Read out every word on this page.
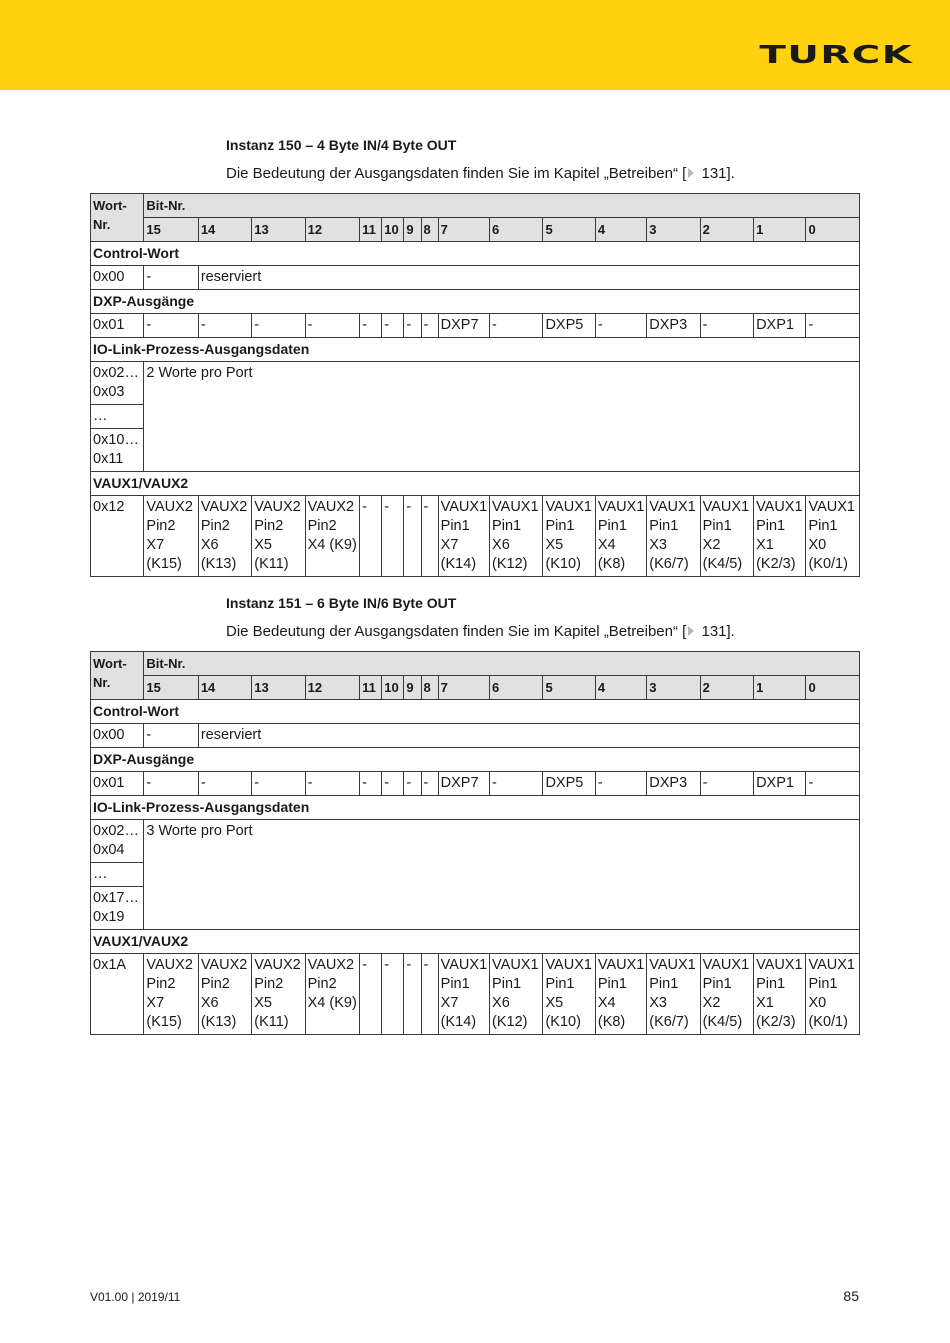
TURCK
Instanz 150 – 4 Byte IN/4 Byte OUT
Die Bedeutung der Ausgangsdaten finden Sie im Kapitel „Betreiben“ [ 131].
Wort- Nr.	Bit-Nr.															
	15	14	13	12	11	10	9	8	7	6	5	4	3	2	1	0
Control-Wort																
0x00	-	reserviert														
DXP-Ausgänge																
0x01	-	-	-	-	-	-	-	-	DXP7	-	DXP5	-	DXP3	-	DXP1	-
IO-Link-Prozess-Ausgangsdaten																
0x02… 0x03	2 Worte pro Port															
…																
0x10… 0x11																
VAUX1/VAUX2																
0x12	VAUX2 Pin2 X7 (K15)	VAUX2 Pin2 X6 (K13)	VAUX2 Pin2 X5 (K11)	VAUX2 Pin2 X4 (K9)	-	-	-	-	VAUX1 Pin1 X7 (K14)	VAUX1 Pin1 X6 (K12)	VAUX1 Pin1 X5 (K10)	VAUX1 Pin1 X4 (K8)	VAUX1 Pin1 X3 (K6/7)	VAUX1 Pin1 X2 (K4/5)	VAUX1 Pin1 X1 (K2/3)	VAUX1 Pin1 X0 (K0/1)
Instanz 151 – 6 Byte IN/6 Byte OUT
Die Bedeutung der Ausgangsdaten finden Sie im Kapitel „Betreiben“ [ 131].
Wort- Nr.	Bit-Nr.															
	15	14	13	12	11	10	9	8	7	6	5	4	3	2	1	0
Control-Wort																
0x00	-	reserviert														
DXP-Ausgänge																
0x01	-	-	-	-	-	-	-	-	DXP7	-	DXP5	-	DXP3	-	DXP1	-
IO-Link-Prozess-Ausgangsdaten																
0x02… 0x04	3 Worte pro Port															
…																
0x17… 0x19																
VAUX1/VAUX2																
0x1A	VAUX2 Pin2 X7 (K15)	VAUX2 Pin2 X6 (K13)	VAUX2 Pin2 X5 (K11)	VAUX2 Pin2 X4 (K9)	-	-	-	-	VAUX1 Pin1 X7 (K14)	VAUX1 Pin1 X6 (K12)	VAUX1 Pin1 X5 (K10)	VAUX1 Pin1 X4 (K8)	VAUX1 Pin1 X3 (K6/7)	VAUX1 Pin1 X2 (K4/5)	VAUX1 Pin1 X1 (K2/3)	VAUX1 Pin1 X0 (K0/1)
V01.00 | 2019/11	85
